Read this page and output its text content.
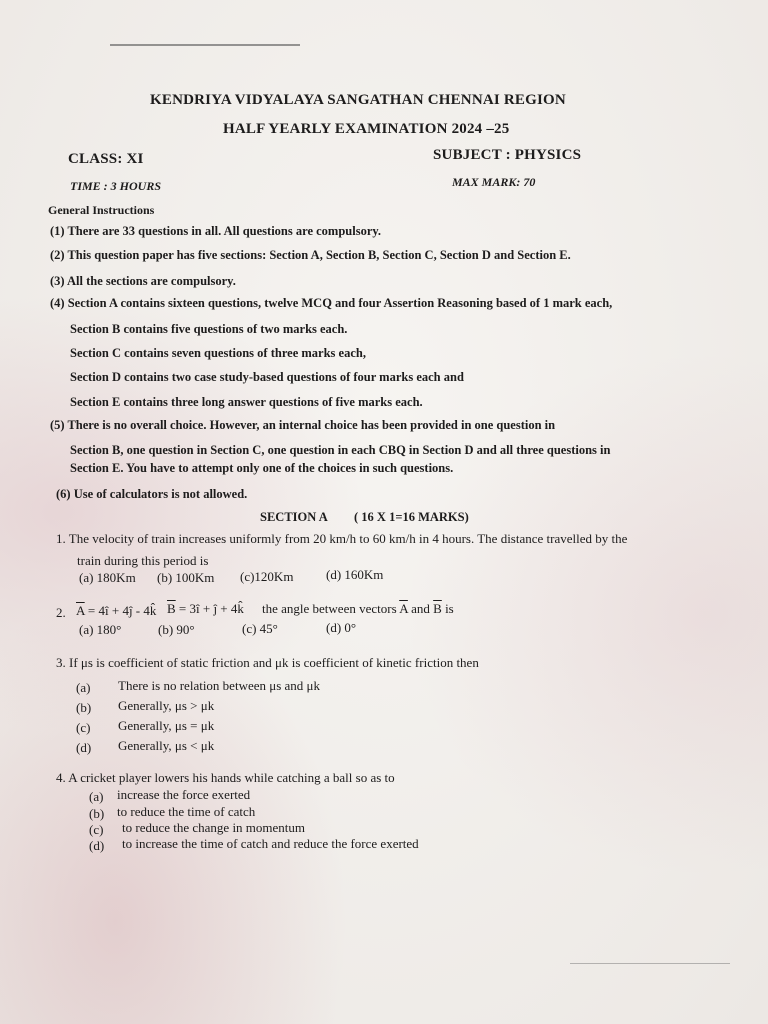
KENDRIYA VIDYALAYA SANGATHAN CHENNAI REGION
HALF YEARLY EXAMINATION 2024 –25
CLASS: XI	SUBJECT : PHYSICS
TIME : 3 HOURS	MAX MARK: 70
General Instructions
(1) There are 33 questions in all. All questions are compulsory.
(2) This question paper has five sections: Section A, Section B, Section C, Section D and Section E.
(3) All the sections are compulsory.
(4) Section A contains sixteen questions, twelve MCQ and four Assertion Reasoning based of 1 mark each,
Section B contains five questions of two marks each.
Section C contains seven questions of three marks each,
Section D contains two case study-based questions of four marks each and
Section E contains three long answer questions of five marks each.
(5) There is no overall choice. However, an internal choice has been provided in one question in
Section B, one question in Section C, one question in each CBQ in Section D and all three questions in
Section E. You have to attempt only one of the choices in such questions.
(6) Use of calculators is not allowed.
SECTION A ( 16 X 1=16 MARKS)
1. The velocity of train increases uniformly from 20 km/h to 60 km/h in 4 hours. The distance travelled by the
train during this period is
(a) 180Km (b) 100Km (c)120Km	(d) 160Km
2. $\overline{A}$ = 4î + 4ĵ - 4k̂ $\overline{B}$ = 3î + ĵ + 4k̂ the angle between vectors $\overline{A}$ and $\overline{B}$ is
(a) 180°	(b) 90°	(c) 45°	(d) 0°
3. If μs is coefficient of static friction and μk is coefficient of kinetic friction then
(a) There is no relation between μs and μk
(b) Generally, μs > μk
(c) Generally, μs = μk
(d) Generally, μs < μk
4. A cricket player lowers his hands while catching a ball so as to
(a) increase the force exerted
(b) to reduce the time of catch
(c) to reduce the change in momentum
(d) to increase the time of catch and reduce the force exerted
